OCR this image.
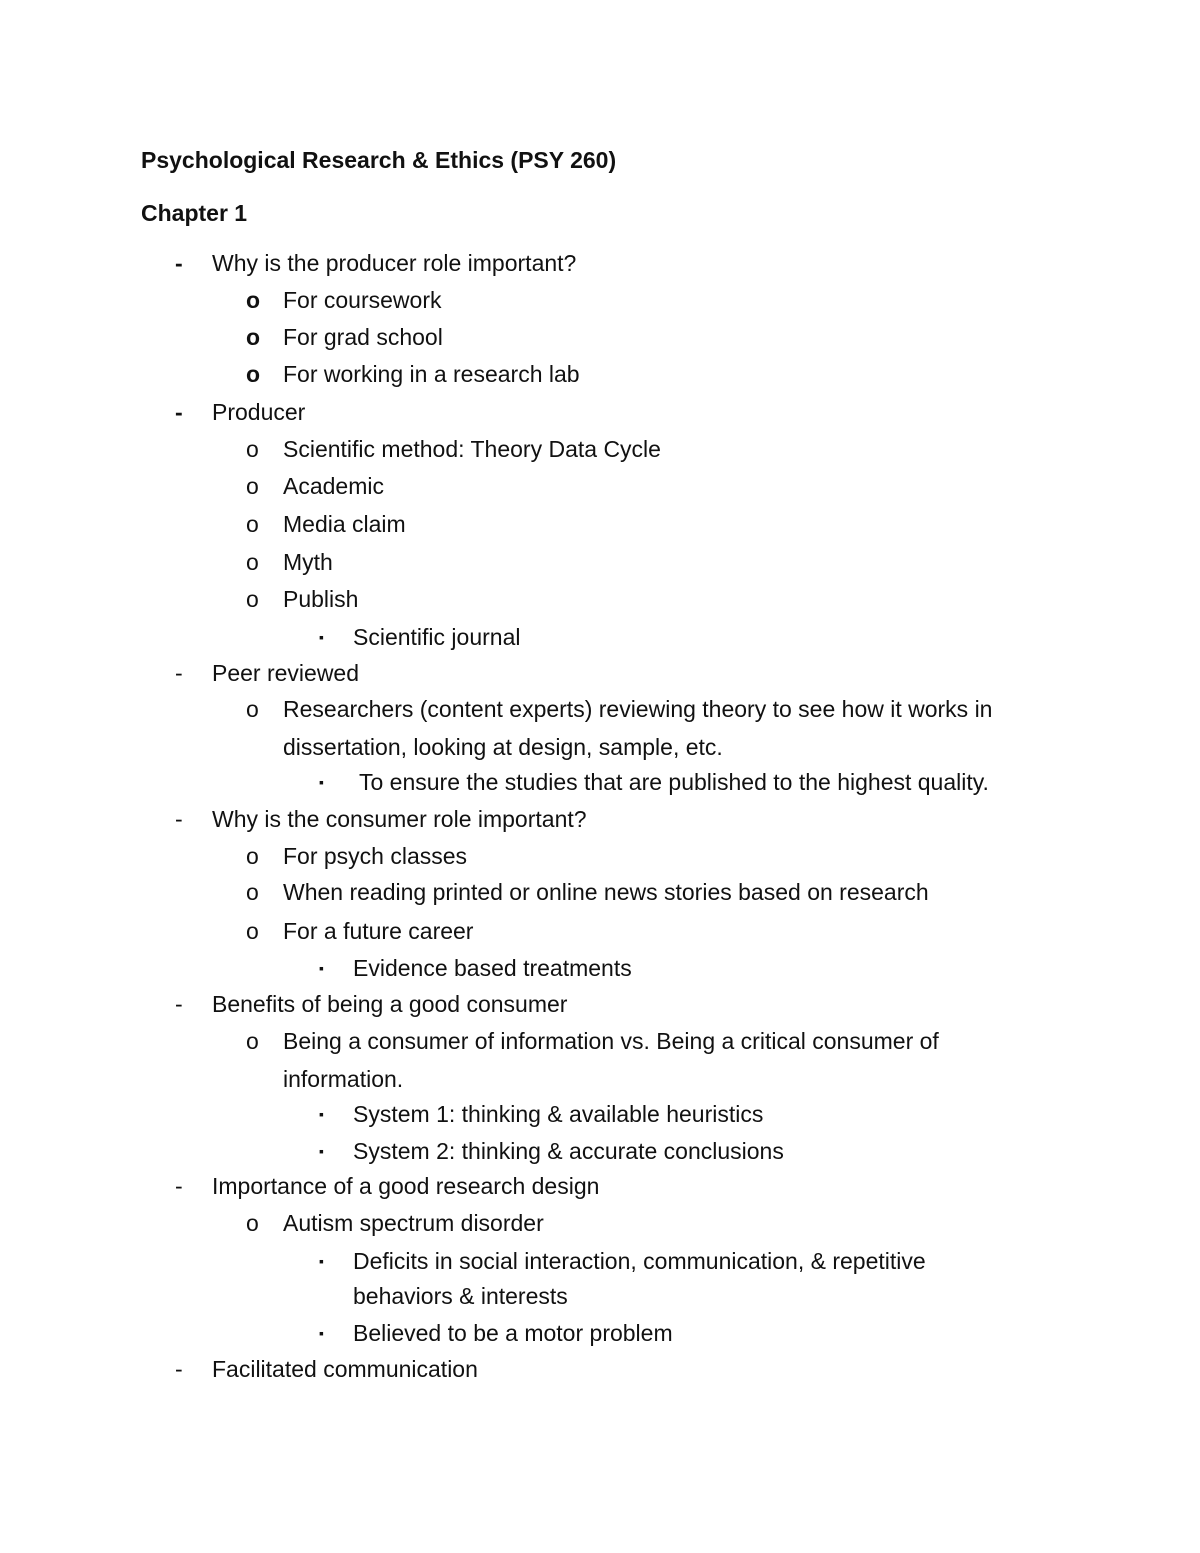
Psychological Research & Ethics (PSY 260)
Chapter 1
- Why is the producer role important?
o For coursework
o For grad school
o For working in a research lab
- Producer
o Scientific method: Theory Data Cycle
o Academic
o Media claim
o Myth
o Publish
▪ Scientific journal
- Peer reviewed
o Researchers (content experts) reviewing theory to see how it works in
dissertation, looking at design, sample, etc.
▪ To ensure the studies that are published to the highest quality.
- Why is the consumer role important?
o For psych classes
o When reading printed or online news stories based on research
o For a future career
▪ Evidence based treatments
- Benefits of being a good consumer
o Being a consumer of information vs. Being a critical consumer of
information.
▪ System 1: thinking & available heuristics
▪ System 2: thinking & accurate conclusions
- Importance of a good research design
o Autism spectrum disorder
▪ Deficits in social interaction, communication, & repetitive
behaviors & interests
▪ Believed to be a motor problem
- Facilitated communication
